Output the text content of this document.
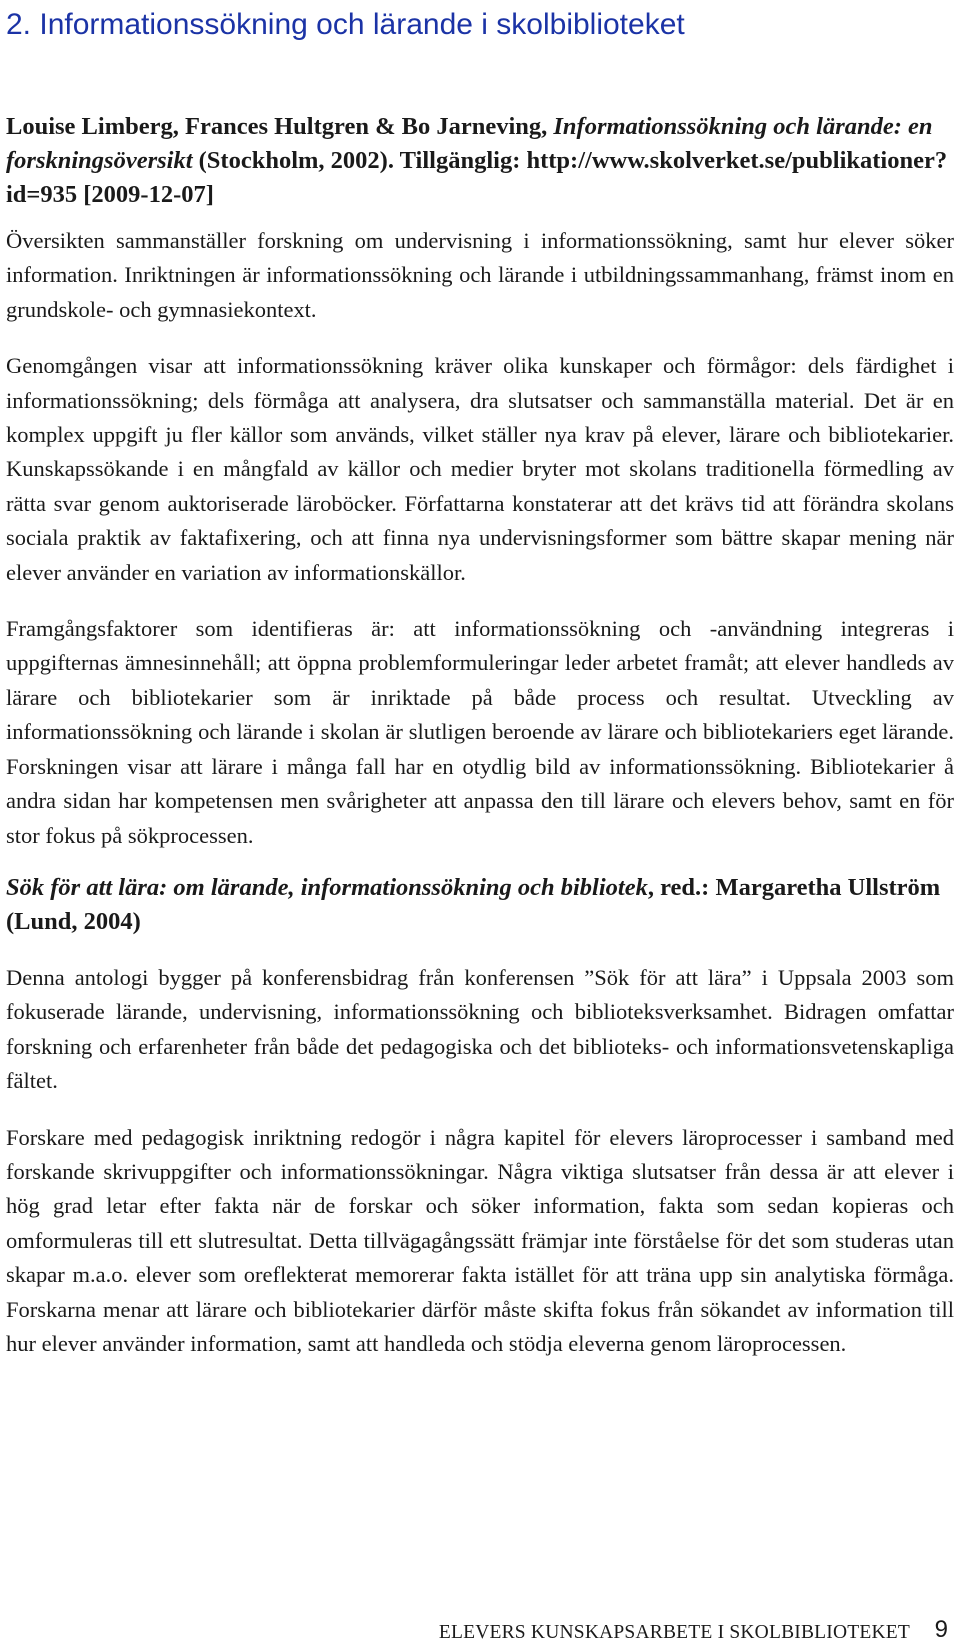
2. Informationssökning och lärande i skolbiblioteket
Louise Limberg, Frances Hultgren & Bo Jarneving, Informationssökning och lärande: en forskningsöversikt (Stockholm, 2002). Tillgänglig: http://www.skolverket.se/publikationer?id=935 [2009-12-07]

Översikten sammanställer forskning om undervisning i informationssökning, samt hur elever söker information. Inriktningen är informationssökning och lärande i utbildningssammanhang, främst inom en grundskole- och gymnasiekontext.

Genomgången visar att informationssökning kräver olika kunskaper och förmågor: dels färdighet i informationssökning; dels förmåga att analysera, dra slutsatser och sammanställa material. Det är en komplex uppgift ju fler källor som används, vilket ställer nya krav på elever, lärare och bibliotekarier. Kunskapssökande i en mångfald av källor och medier bryter mot skolans traditionella förmedling av rätta svar genom auktoriserade läroböcker. Författarna konstaterar att det krävs tid att förändra skolans sociala praktik av faktafixering, och att finna nya undervisningsformer som bättre skapar mening när elever använder en variation av informationskällor.

Framgångsfaktorer som identifieras är: att informationssökning och -användning integreras i uppgifternas ämnesinnehåll; att öppna problemformuleringar leder arbetet framåt; att elever handleds av lärare och bibliotekarier som är inriktade på både process och resultat. Utveckling av informationssökning och lärande i skolan är slutligen beroende av lärare och bibliotekariers eget lärande. Forskningen visar att lärare i många fall har en otydlig bild av informationssökning. Bibliotekarier å andra sidan har kompetensen men svårigheter att anpassa den till lärare och elevers behov, samt en för stor fokus på sökprocessen.

Sök för att lära: om lärande, informationssökning och bibliotek, red.: Margaretha Ullström (Lund, 2004)

Denna antologi bygger på konferensbidrag från konferensen ”Sök för att lära” i Uppsala 2003 som fokuserade lärande, undervisning, informationssökning och biblioteksverksamhet. Bidragen omfattar forskning och erfarenheter från både det pedagogiska och det biblioteks- och informationsvetenskapliga fältet.

Forskare med pedagogisk inriktning redogör i några kapitel för elevers läroprocesser i samband med forskande skrivuppgifter och informationssökningar. Några viktiga slutsatser från dessa är att elever i hög grad letar efter fakta när de forskar och söker information, fakta som sedan kopieras och omformuleras till ett slutresultat. Detta tillvägagångssätt främjar inte förståelse för det som studeras utan skapar m.a.o. elever som oreflekterat memorerar fakta istället för att träna upp sin analytiska förmåga. Forskarna menar att lärare och bibliotekarier därför måste skifta fokus från sökandet av information till hur elever använder information, samt att handleda och stödja eleverna genom läroprocessen.

ELEVERS KUNSKAPSARBETE I SKOLBIBLIOTEKET 9
